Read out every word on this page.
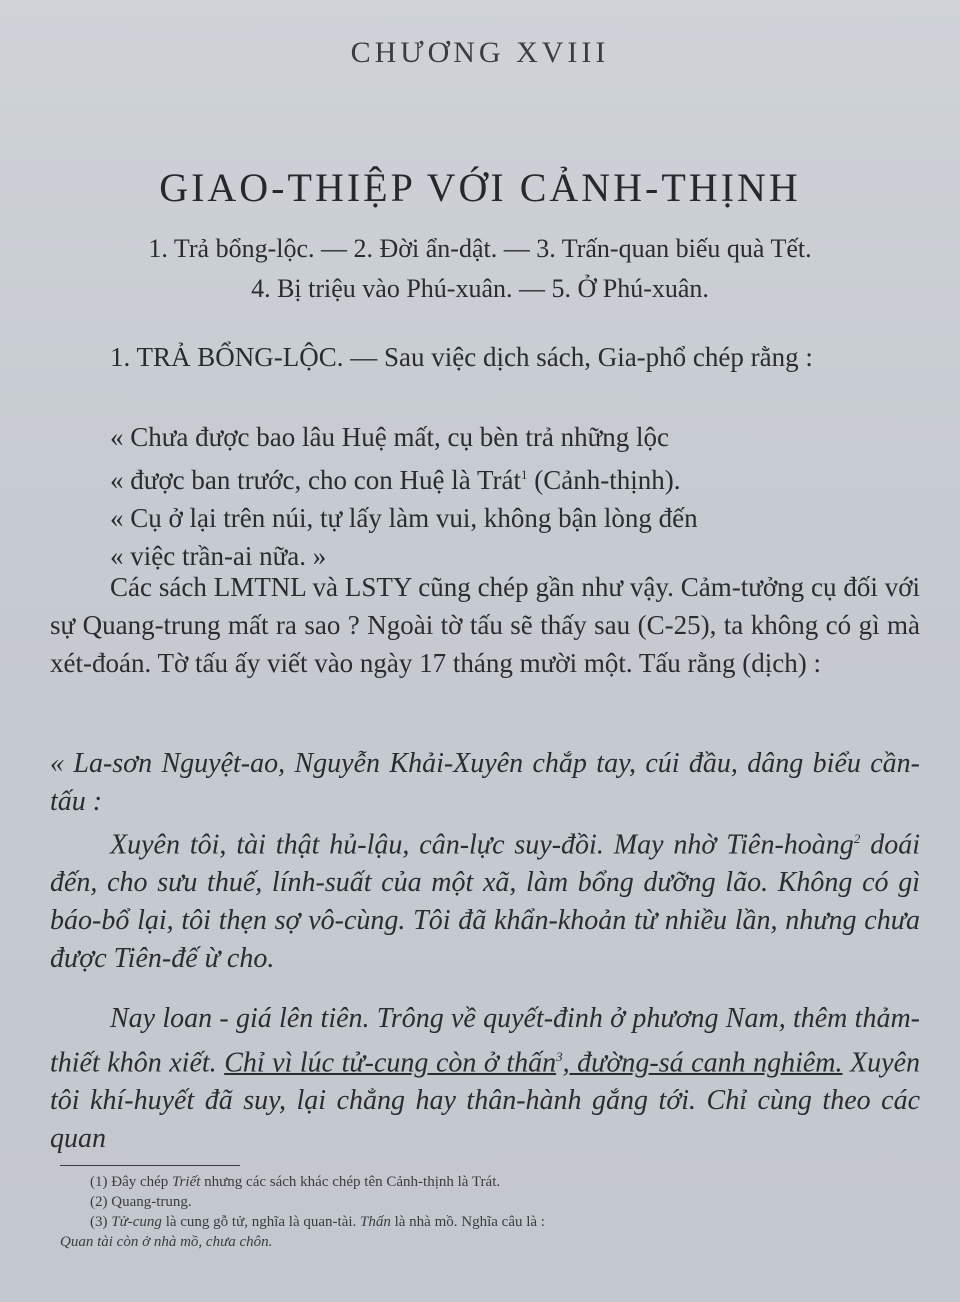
CHƯƠNG XVIII
GIAO-THIỆP VỚI CẢNH-THỊNH
1. Trả bổng-lộc. — 2. Đời ẩn-dật. — 3. Trấn-quan biếu quà Tết.
4. Bị triệu vào Phú-xuân. — 5. Ở Phú-xuân.
1. TRẢ BỔNG-LỘC. — Sau việc dịch sách, Gia-phổ chép rằng :
« Chưa được bao lâu Huệ mất, cụ bèn trả những lộc
« được ban trước, cho con Huệ là Trát$^1$ (Cảnh-thịnh).
« Cụ ở lại trên núi, tự lấy làm vui, không bận lòng đến
« việc trần-ai nữa. »
Các sách LMTNL và LSTY cũng chép gần như vậy. Cảm-tưởng cụ đối với sự Quang-trung mất ra sao ? Ngoài tờ tấu sẽ thấy sau (C-25), ta không có gì mà xét-đoán. Tờ tấu ấy viết vào ngày 17 tháng mười một. Tấu rằng (dịch) :
« La-sơn Nguyệt-ao, Nguyễn Khải-Xuyên chắp tay, cúi đầu, dâng biểu cần-tấu :
Xuyên tôi, tài thật hủ-lậu, cân-lực suy-đồi. May nhờ Tiên-hoàng$^2$ doái đến, cho sưu thuế, lính-suất của một xã, làm bổng dưỡng lão. Không có gì báo-bổ lại, tôi thẹn sợ vô-cùng. Tôi đã khẩn-khoản từ nhiều lần, nhưng chưa được Tiên-đế ừ cho.
Nay loan - giá lên tiên. Trông về quyết-đinh ở phương Nam, thêm thảm-thiết khôn xiết. Chỉ vì lúc tử-cung còn ở thấn$^3$, đường-sá canh nghiêm. Xuyên tôi khí-huyết đã suy, lại chẳng hay thân-hành gắng tới. Chỉ cùng theo các quan

(1) Đây chép Triết nhưng các sách khác chép tên Cảnh-thịnh là Trát.

(2) Quang-trung.

(3) Tử-cung là cung gỗ tử, nghĩa là quan-tài. Thấn là nhà mồ. Nghĩa câu là :

Quan tài còn ở nhà mồ, chưa chôn.
